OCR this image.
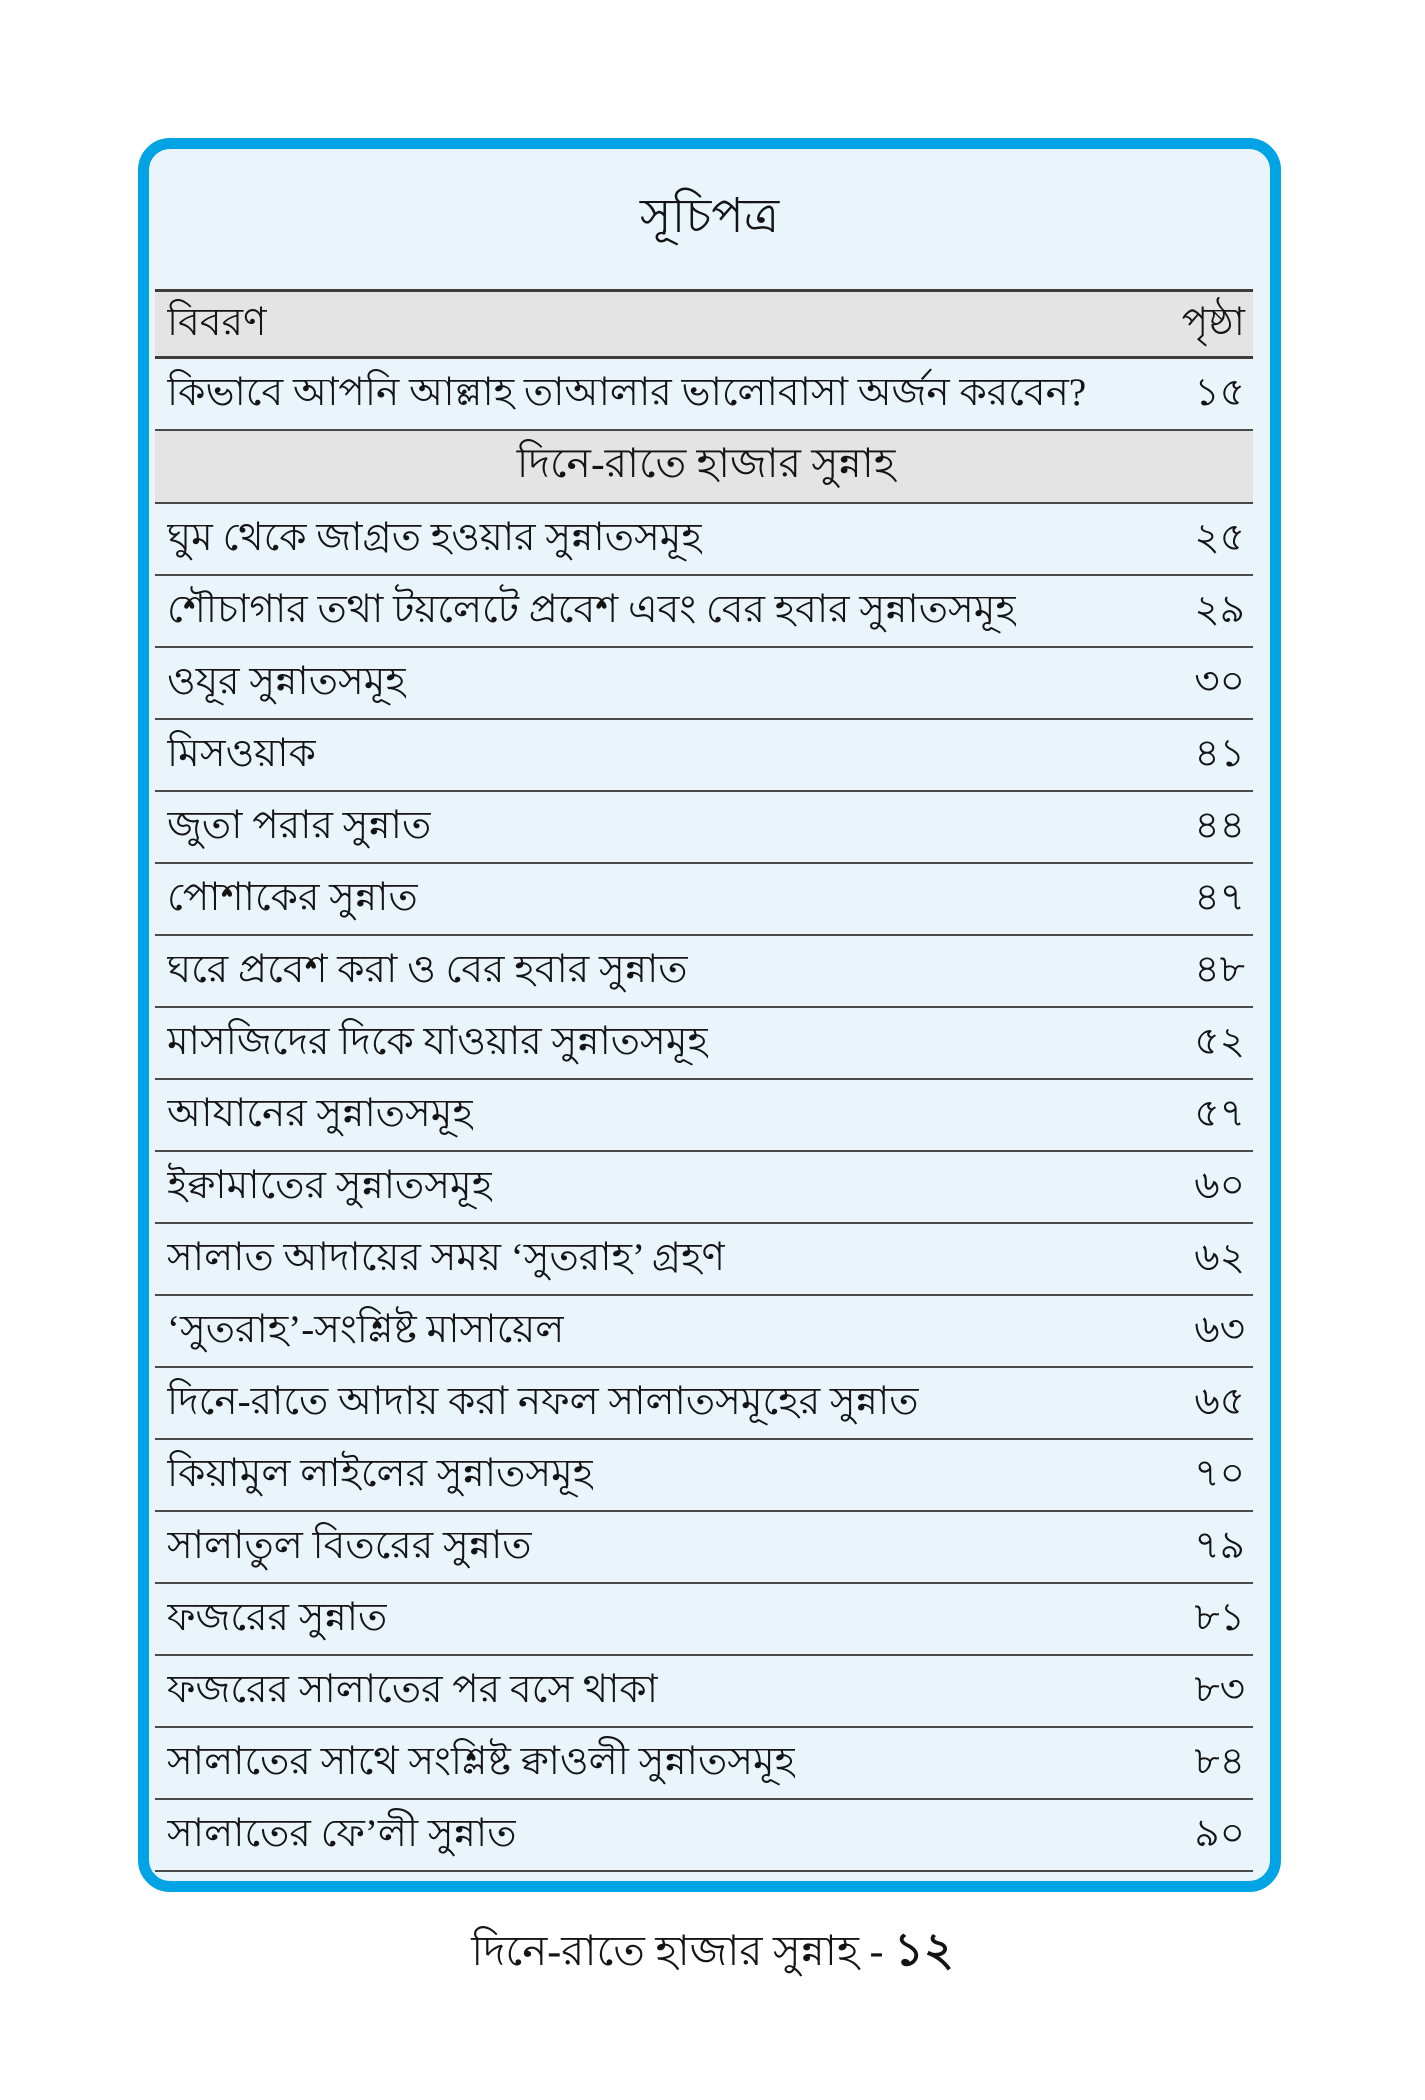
সূচিপত্র
বিবরণ	পৃষ্ঠা
কিভাবে আপনি আল্লাহ তাআলার ভালোবাসা অর্জন করবেন?	১৫
দিনে-রাতে হাজার সুন্নাহ
ঘুম থেকে জাগ্রত হওয়ার সুন্নাতসমূহ	২৫
শৌচাগার তথা টয়লেটে প্রবেশ এবং বের হবার সুন্নাতসমূহ	২৯
ওযূর সুন্নাতসমূহ	৩০
মিসওয়াক	৪১
জুতা পরার সুন্নাত	৪৪
পোশাকের সুন্নাত	৪৭
ঘরে প্রবেশ করা ও বের হবার সুন্নাত	৪৮
মাসজিদের দিকে যাওয়ার সুন্নাতসমূহ	৫২
আযানের সুন্নাতসমূহ	৫৭
ইক্বামাতের সুন্নাতসমূহ	৬০
সালাত আদায়ের সময় ‘সুতরাহ’ গ্রহণ	৬২
‘সুতরাহ’-সংশ্লিষ্ট মাসায়েল	৬৩
দিনে-রাতে আদায় করা নফল সালাতসমূহের সুন্নাত	৬৫
কিয়ামুল লাইলের সুন্নাতসমূহ	৭০
সালাতুল বিতরের সুন্নাত	৭৯
ফজরের সুন্নাত	৮১
ফজরের সালাতের পর বসে থাকা	৮৩
সালাতের সাথে সংশ্লিষ্ট ক্বাওলী সুন্নাতসমূহ	৮৪
সালাতের ফে’লী সুন্নাত	৯০
দিনে-রাতে হাজার সুন্নাহ - ১২
